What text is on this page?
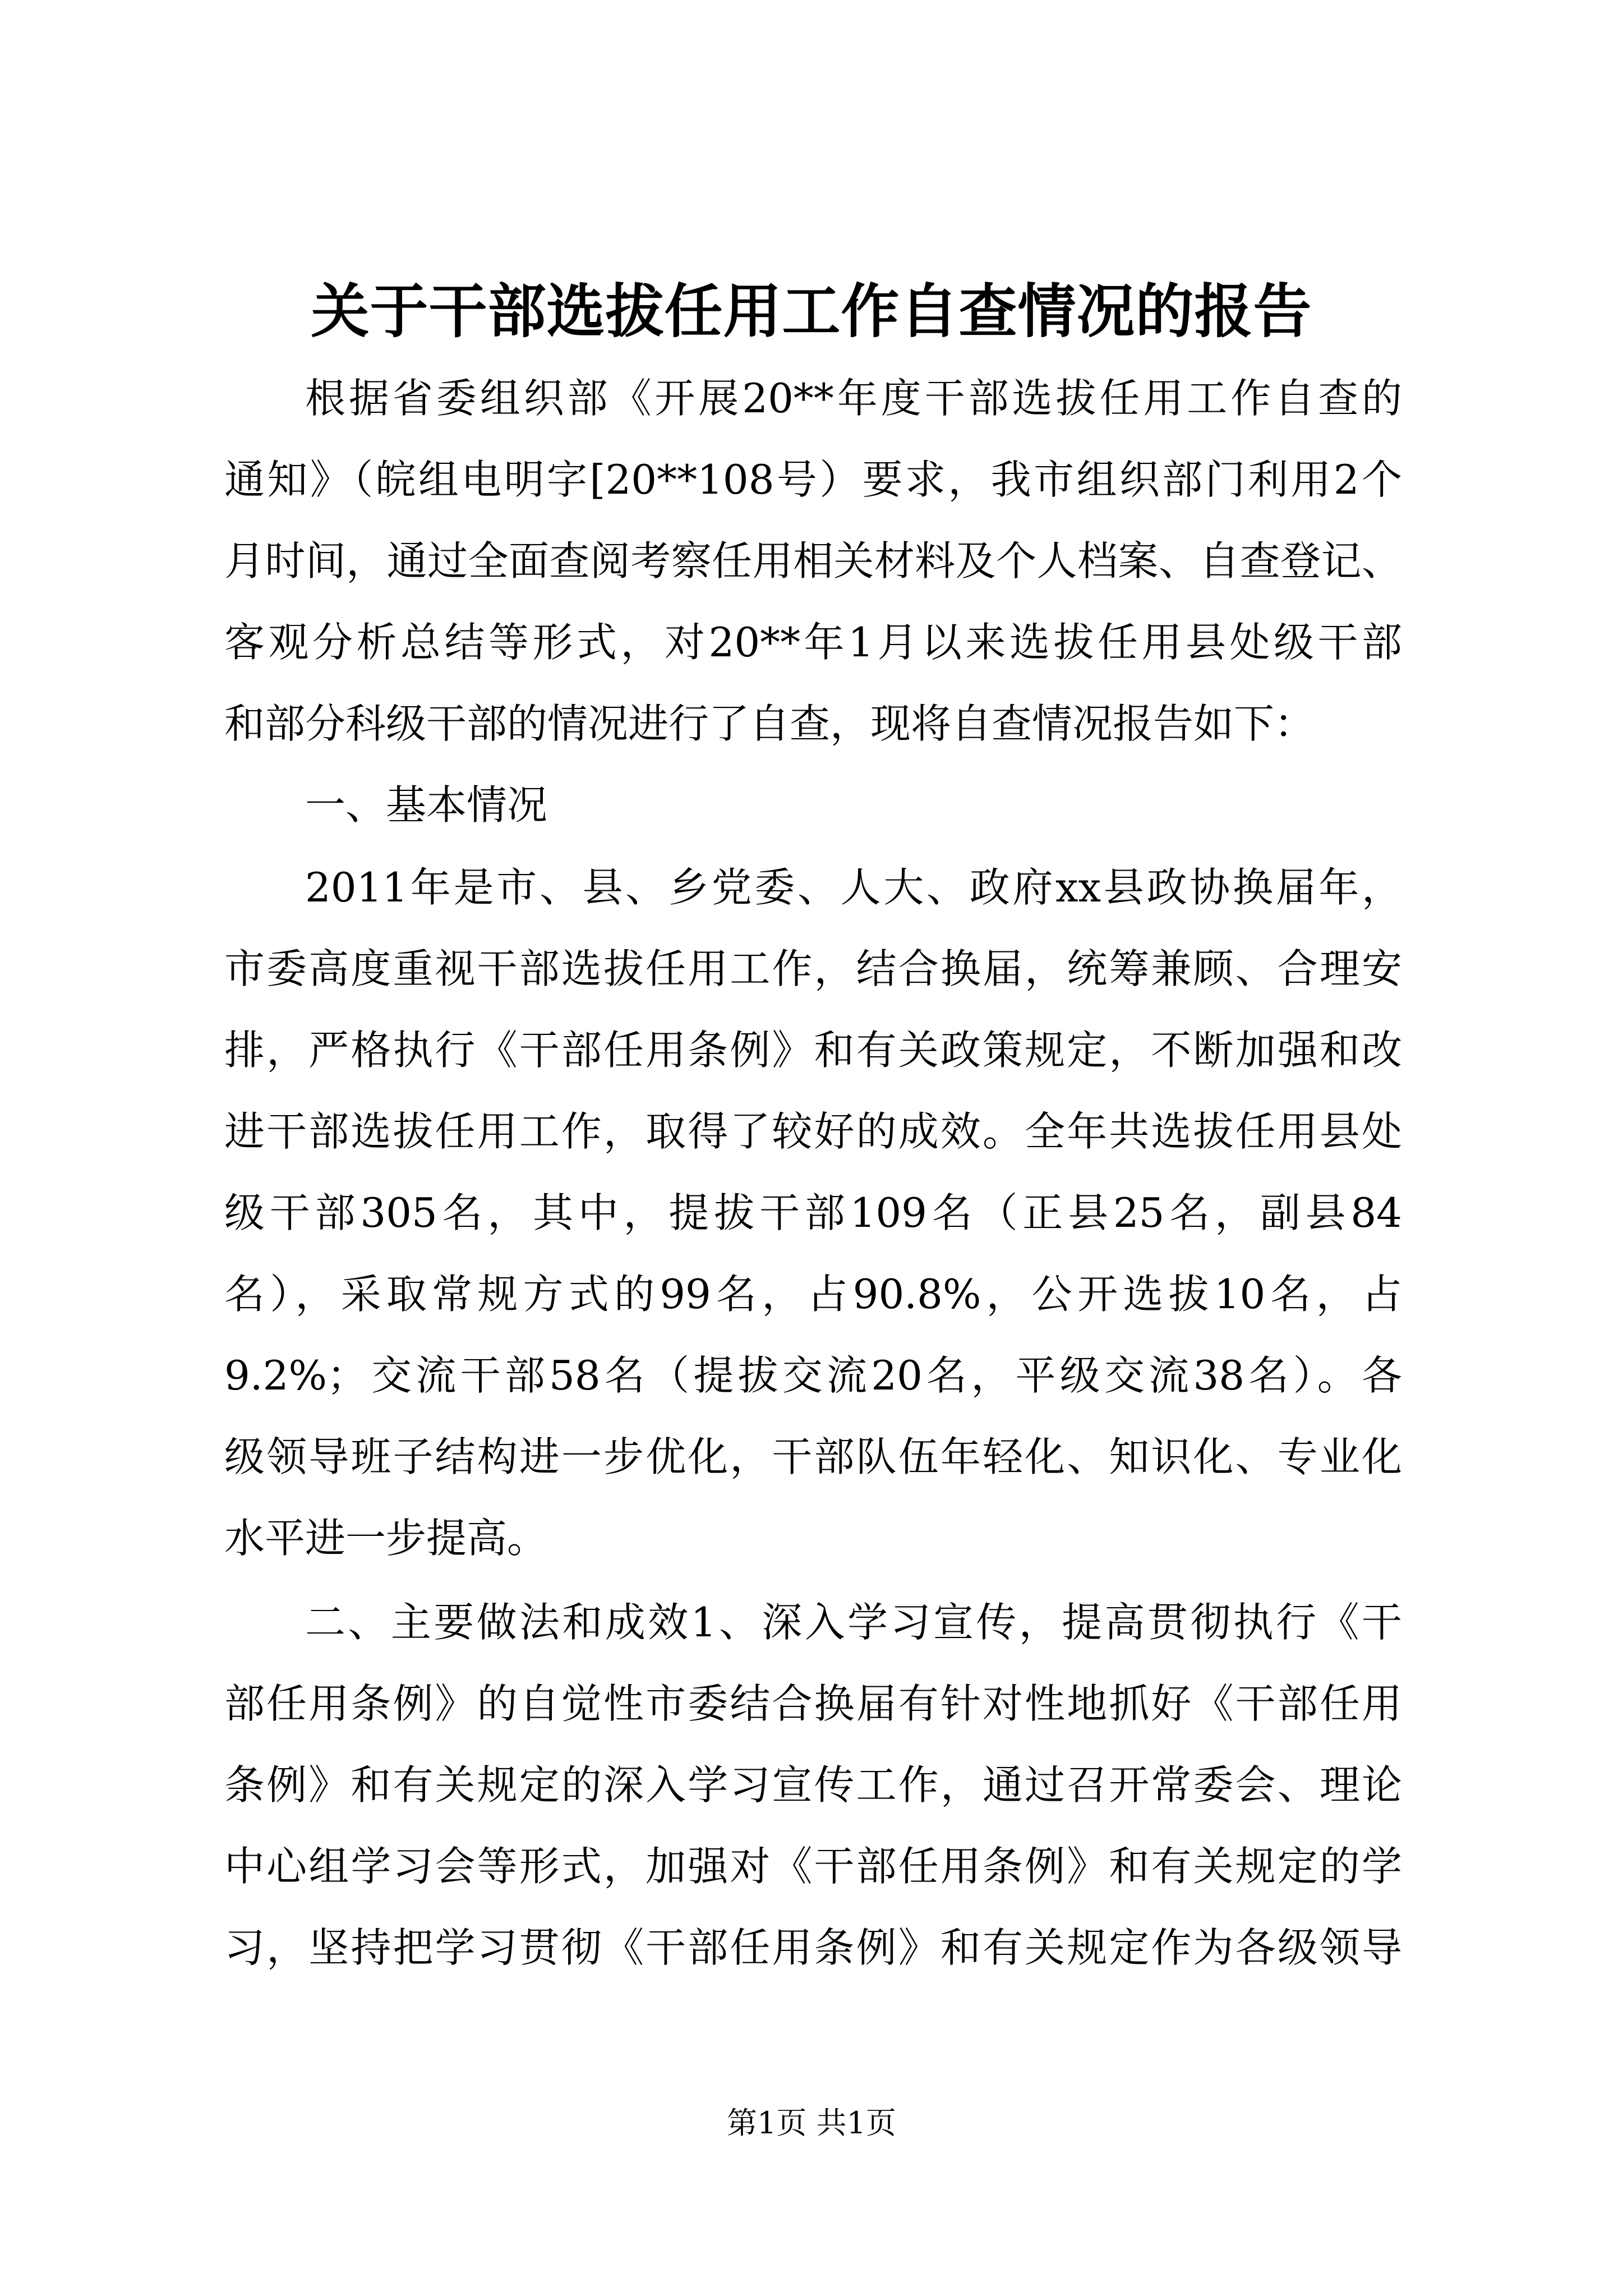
关于干部选拔任用工作自查情况的报告
根据省委组织部《开展20**年度干部选拔任用工作自查的
通知》（皖组电明字[20**108号）要求，我市组织部门利用2个
月时间，通过全面查阅考察任用相关材料及个人档案、自查登记、
客观分析总结等形式，对20**年1月以来选拔任用县处级干部
和部分科级干部的情况进行了自查，现将自查情况报告如下：
一、基本情况
2011年是市、县、乡党委、人大、政府xx县政协换届年，
市委高度重视干部选拔任用工作，结合换届，统筹兼顾、合理安
排，严格执行《干部任用条例》和有关政策规定，不断加强和改
进干部选拔任用工作，取得了较好的成效。全年共选拔任用县处
级干部305名，其中，提拔干部109名（正县25名，副县84
名），采取常规方式的99名，占90.8%，公开选拔10名，占
9.2%；交流干部58名（提拔交流20名，平级交流38名）。各
级领导班子结构进一步优化，干部队伍年轻化、知识化、专业化
水平进一步提高。
二、主要做法和成效1、深入学习宣传，提高贯彻执行《干
部任用条例》的自觉性市委结合换届有针对性地抓好《干部任用
条例》和有关规定的深入学习宣传工作，通过召开常委会、理论
中心组学习会等形式，加强对《干部任用条例》和有关规定的学
习，坚持把学习贯彻《干部任用条例》和有关规定作为各级领导
第1页 共1页
